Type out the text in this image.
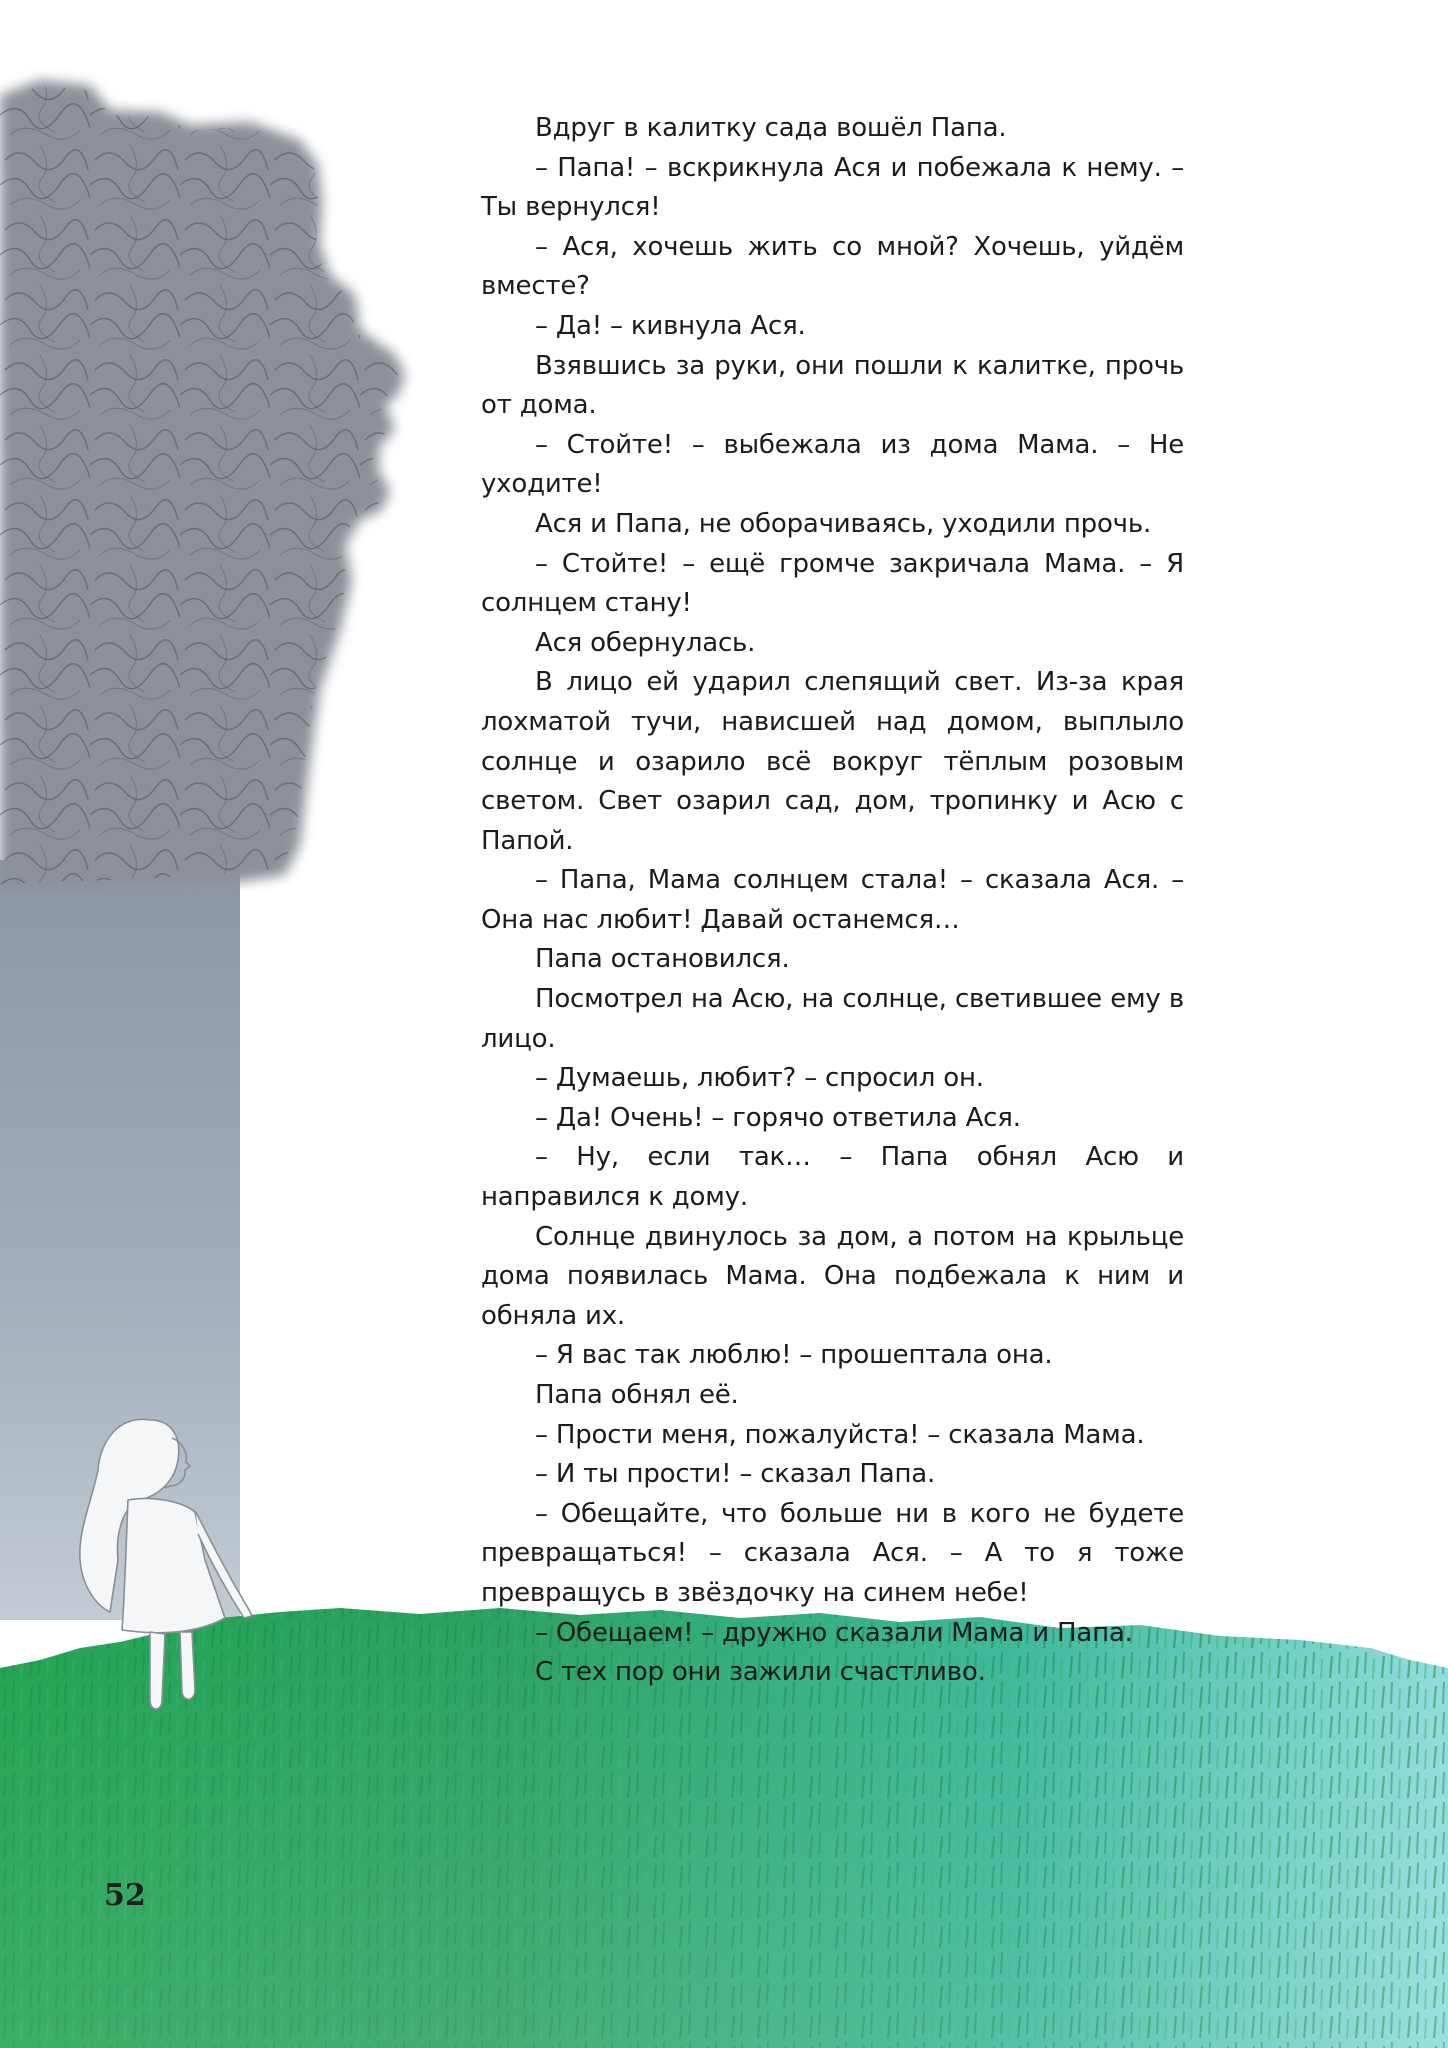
Вдруг в калитку сада вошёл Папа.

– Папа! – вскрикнула Ася и побежала к нему. – Ты вернулся!

– Ася, хочешь жить со мной? Хочешь, уйдём вместе?

– Да! – кивнула Ася.

Взявшись за руки, они пошли к калитке, прочь от дома.

– Стойте! – выбежала из дома Мама. – Не уходите!

Ася и Папа, не оборачиваясь, уходили прочь.

– Стойте! – ещё громче закричала Мама. – Я солнцем стану!

Ася обернулась.

В лицо ей ударил слепящий свет. Из-за края лохматой тучи, нависшей над домом, выплыло солнце и озарило всё вокруг тёплым розовым светом. Свет озарил сад, дом, тропинку и Асю с Папой.

– Папа, Мама солнцем стала! – сказала Ася. – Она нас любит! Давай останемся…

Папа остановился.

Посмотрел на Асю, на солнце, светившее ему в лицо.

– Думаешь, любит? – спросил он.

– Да! Очень! – горячо ответила Ася.

– Ну, если так… – Папа обнял Асю и направился к дому.

Солнце двинулось за дом, а потом на крыльце дома появилась Мама. Она подбежала к ним и обняла их.

– Я вас так люблю! – прошептала она.

Папа обнял её.

– Прости меня, пожалуйста! – сказала Мама.

– И ты прости! – сказал Папа.

– Обещайте, что больше ни в кого не будете превращаться! – сказала Ася. – А то я тоже превращусь в звёздочку на синем небе!

– Обещаем! – дружно сказали Мама и Папа.

С тех пор они зажили счастливо.

52
